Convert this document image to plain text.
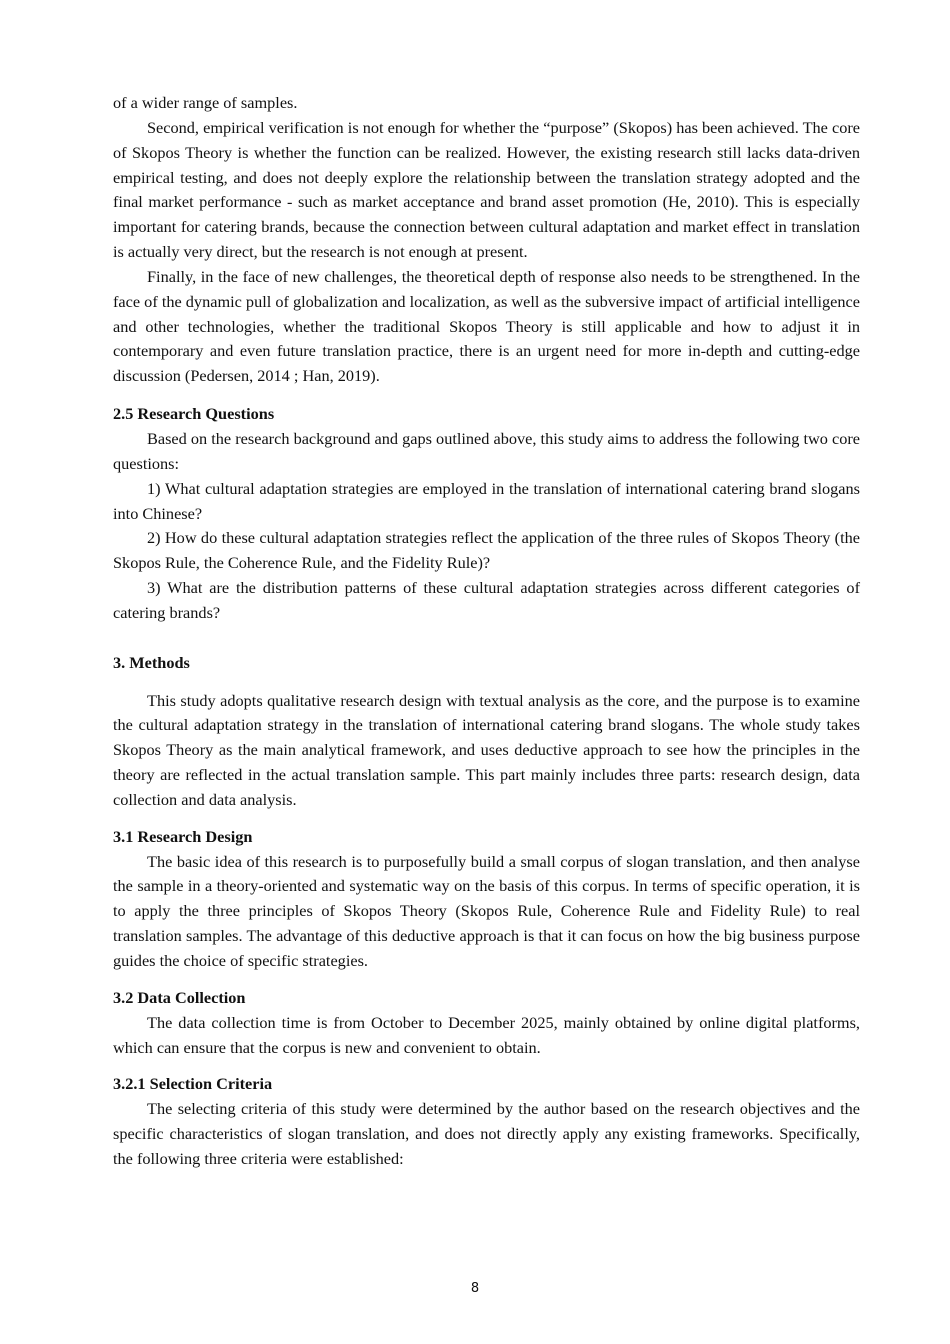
of a wider range of samples.

Second, empirical verification is not enough for whether the “purpose” (Skopos) has been achieved. The core of Skopos Theory is whether the function can be realized. However, the existing research still lacks data-driven empirical testing, and does not deeply explore the relationship between the translation strategy adopted and the final market performance - such as market acceptance and brand asset promotion (He, 2010). This is especially important for catering brands, because the connection between cultural adaptation and market effect in translation is actually very direct, but the research is not enough at present.

Finally, in the face of new challenges, the theoretical depth of response also needs to be strengthened. In the face of the dynamic pull of globalization and localization, as well as the subversive impact of artificial intelligence and other technologies, whether the traditional Skopos Theory is still applicable and how to adjust it in contemporary and even future translation practice, there is an urgent need for more in-depth and cutting-edge discussion (Pedersen, 2014 ; Han, 2019).

2.5 Research Questions

Based on the research background and gaps outlined above, this study aims to address the following two core questions:

1) What cultural adaptation strategies are employed in the translation of international catering brand slogans into Chinese?

2) How do these cultural adaptation strategies reflect the application of the three rules of Skopos Theory (the Skopos Rule, the Coherence Rule, and the Fidelity Rule)?

3) What are the distribution patterns of these cultural adaptation strategies across different categories of catering brands?

3. Methods

This study adopts qualitative research design with textual analysis as the core, and the purpose is to examine the cultural adaptation strategy in the translation of international catering brand slogans. The whole study takes Skopos Theory as the main analytical framework, and uses deductive approach to see how the principles in the theory are reflected in the actual translation sample. This part mainly includes three parts: research design, data collection and data analysis.

3.1 Research Design

The basic idea of this research is to purposefully build a small corpus of slogan translation, and then analyse the sample in a theory-oriented and systematic way on the basis of this corpus. In terms of specific operation, it is to apply the three principles of Skopos Theory (Skopos Rule, Coherence Rule and Fidelity Rule) to real translation samples. The advantage of this deductive approach is that it can focus on how the big business purpose guides the choice of specific strategies.

3.2 Data Collection

The data collection time is from October to December 2025, mainly obtained by online digital platforms, which can ensure that the corpus is new and convenient to obtain.

3.2.1 Selection Criteria

The selecting criteria of this study were determined by the author based on the research objectives and the specific characteristics of slogan translation, and does not directly apply any existing frameworks. Specifically, the following three criteria were established:

8
